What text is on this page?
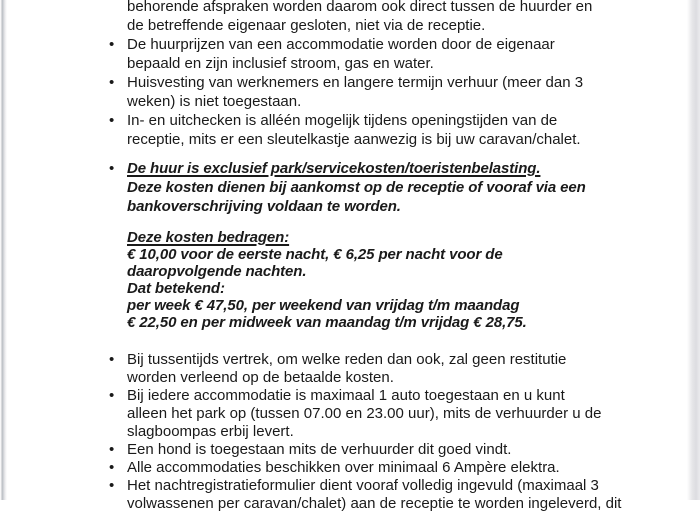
behorende afspraken worden daarom ook direct tussen de huurder en
de betreffende eigenaar gesloten, niet via de receptie.
• De huurprijzen van een accommodatie worden door de eigenaar
bepaald en zijn inclusief stroom, gas en water.
• Huisvesting van werknemers en langere termijn verhuur (meer dan 3
weken) is niet toegestaan.
• In- en uitchecken is alléén mogelijk tijdens openingstijden van de
receptie, mits er een sleutelkastje aanwezig is bij uw caravan/chalet.
• De huur is exclusief park/servicekosten/toeristenbelasting.
Deze kosten dienen bij aankomst op de receptie of vooraf via een
bankoverschrijving voldaan te worden.
Deze kosten bedragen:
€ 10,00 voor de eerste nacht, € 6,25 per nacht voor de
daaropvolgende nachten.
Dat betekend:
per week € 47,50, per weekend van vrijdag t/m maandag
€ 22,50 en per midweek van maandag t/m vrijdag € 28,75.
• Bij tussentijds vertrek, om welke reden dan ook, zal geen restitutie
worden verleend op de betaalde kosten.
• Bij iedere accommodatie is maximaal 1 auto toegestaan en u kunt
alleen het park op (tussen 07.00 en 23.00 uur), mits de verhuurder u de
slagboompas erbij levert.
• Een hond is toegestaan mits de verhuurder dit goed vindt.
• Alle accommodaties beschikken over minimaal 6 Ampère elektra.
• Het nachtregistratieformulier dient vooraf volledig ingevuld (maximaal 3
volwassenen per caravan/chalet) aan de receptie te worden ingeleverd, dit
